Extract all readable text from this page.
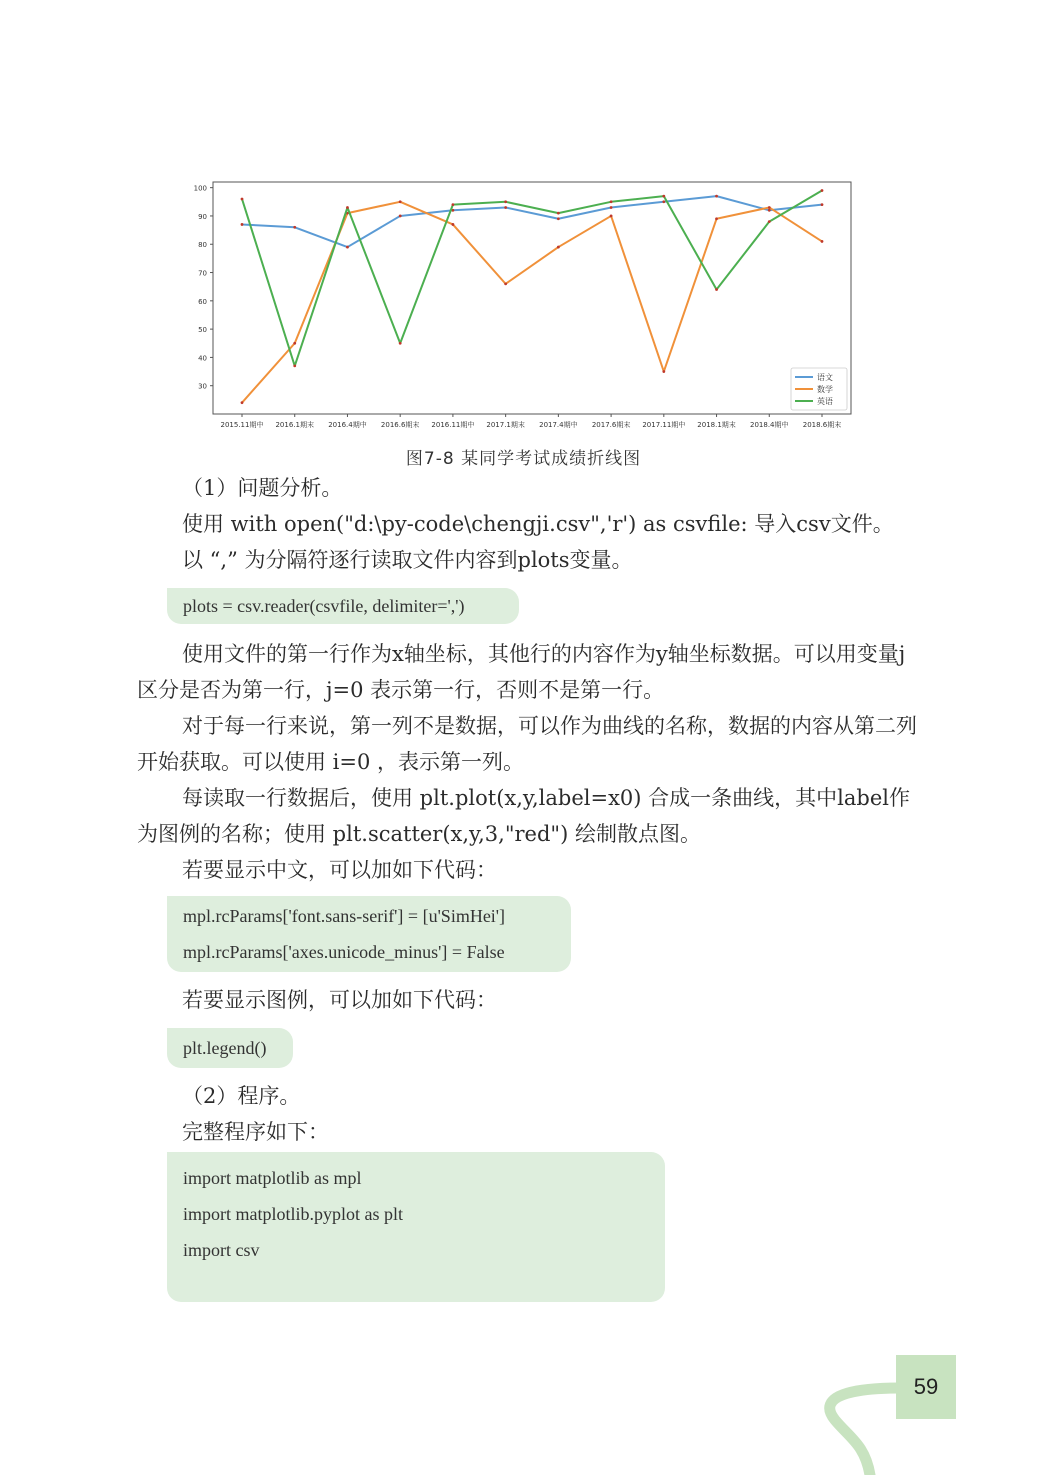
100
90
80
70
60
50
40
30
2015.11期中 2016.1期末 2016.4期中 2016.6期末 2016.11期中 2017.1期末 2017.4期中 2017.6期末 2017.11期中 2018.1期末 2018.4期中 2018.6期末
语文
数学
英语
图7-8 某同学考试成绩折线图

（1）问题分析。

使用 with open("d:\py-code\chengji.csv",'r') as csvfile: 导入csv文件。

以 “,” 为分隔符逐行读取文件内容到plots变量。

plots = csv.reader(csvfile, delimiter=',')

使用文件的第一行作为x轴坐标，其他行的内容作为y轴坐标数据。可以用变量j区分是否为第一行，j=0 表示第一行，否则不是第一行。

对于每一行来说，第一列不是数据，可以作为曲线的名称，数据的内容从第二列开始获取。可以使用 i=0 ，表示第一列。

每读取一行数据后，使用 plt.plot(x,y,label=x0) 合成一条曲线，其中label作为图例的名称；使用 plt.scatter(x,y,3,"red") 绘制散点图。

若要显示中文，可以加如下代码：

mpl.rcParams['font.sans-serif'] = [u'SimHei']
mpl.rcParams['axes.unicode_minus'] = False

若要显示图例，可以加如下代码：

plt.legend()

（2）程序。

完整程序如下：

import matplotlib as mpl
import matplotlib.pyplot as plt
import csv
59
